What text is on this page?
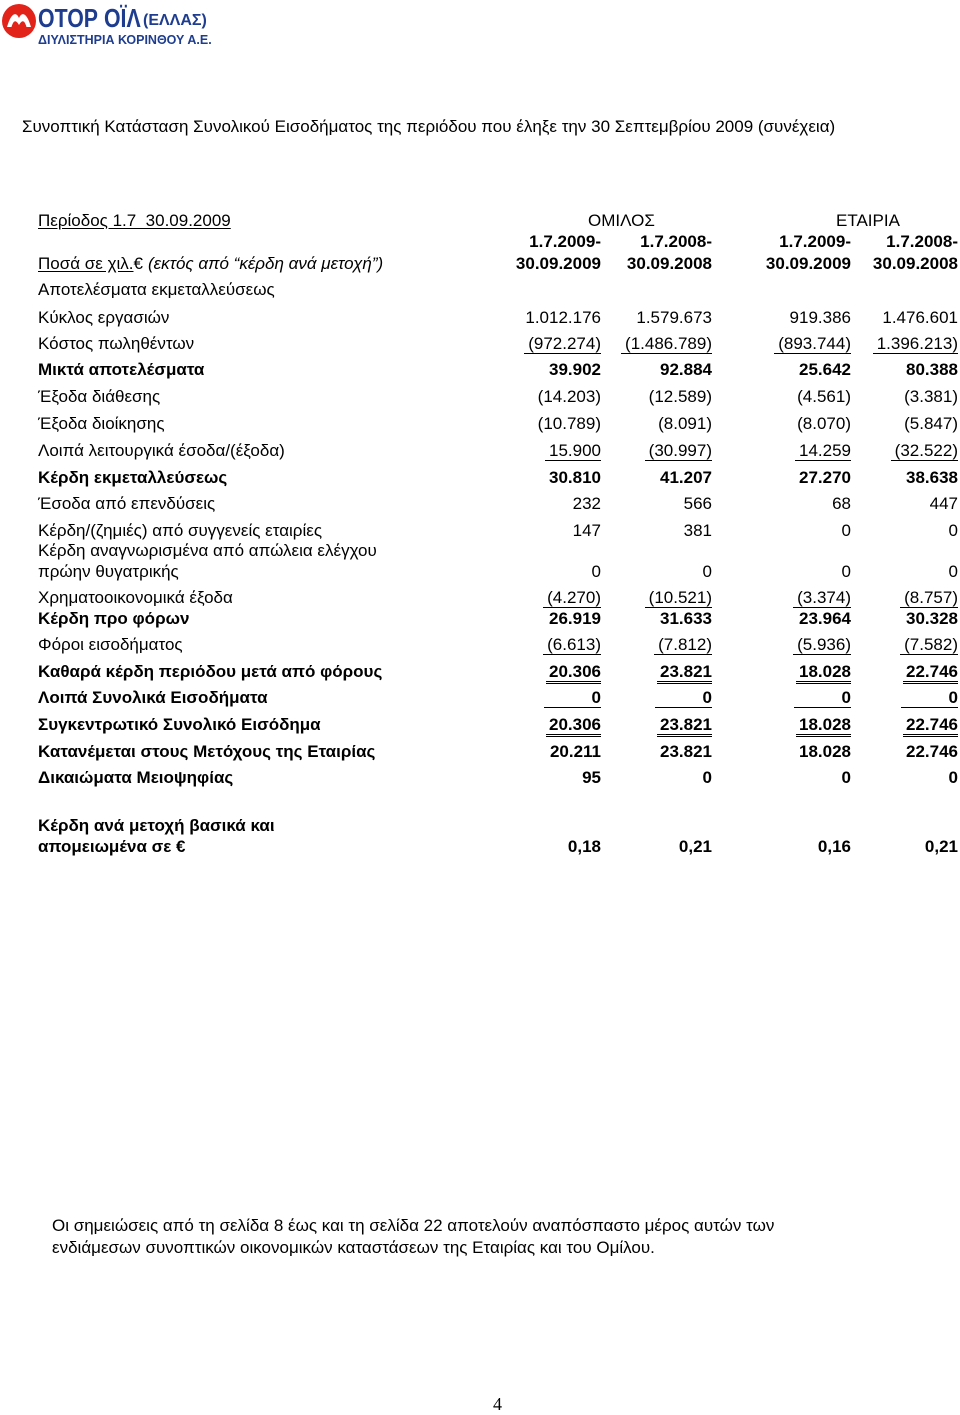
ΟΤΟΡ ΟΪΛ (ΕΛΛΑΣ)
ΔΙΥΛΙΣΤΗΡΙΑ ΚΟΡΙΝΘΟΥ Α.Ε.
Συνοπτική Κατάσταση Συνολικού Εισοδήματος της περιόδου που έληξε την 30 Σεπτεμβρίου 2009 (συνέχεια)
Περίοδος 1.7  30.09.2009	ΟΜΙΛΟΣ	ΕΤΑΙΡΙΑ
1.7.2009- 1.7.2008-	1.7.2009- 1.7.2008-
Ποσά σε χιλ.€ (εκτός από “κέρδη ανά μετοχή”)	30.09.2009 30.09.2008	30.09.2009 30.09.2008
Αποτελέσματα εκμεταλλεύσεως
Κύκλος εργασιών	1.012.176 1.579.673	919.386 1.476.601
Κόστος πωληθέντων	(972.274) (1.486.789)	(893.744) 1.396.213)
Μικτά αποτελέσματα	39.902	92.884	25.642	80.388
Έξοδα διάθεσης	(14.203)	(12.589)	(4.561)	(3.381)
Έξοδα διοίκησης	(10.789)	(8.091)	(8.070)	(5.847)
Λοιπά λειτουργικά έσοδα/(έξοδα)	15.900	(30.997)	14.259	(32.522)
Κέρδη εκμεταλλεύσεως	30.810	41.207	27.270	38.638
Έσοδα από επενδύσεις	232	566	68	447
Κέρδη/(ζημιές) από συγγενείς εταιρίες	147	381	0	0
Κέρδη αναγνωρισμένα από απώλεια ελέγχου
πρώην θυγατρικής	0	0	0	0
Χρηματοοικονομικά έξοδα	(4.270)	(10.521)	(3.374)	(8.757)
Κέρδη προ φόρων	26.919	31.633	23.964	30.328
Φόροι εισοδήματος	(6.613)	(7.812)	(5.936)	(7.582)
Καθαρά κέρδη περιόδου μετά από φόρους	20.306	23.821	18.028	22.746
Λοιπά Συνολικά Εισοδήματα	0	0	0	0
Συγκεντρωτικό Συνολικό Εισόδημα	20.306	23.821	18.028	22.746
Κατανέμεται στους Μετόχους της Εταιρίας	20.211	23.821	18.028	22.746
Δικαιώματα Μειοψηφίας	95	0	0	0
Κέρδη ανά μετοχή βασικά και
απομειωμένα σε €	0,18	0,21	0,16	0,21
Οι σημειώσεις από τη σελίδα 8 έως και τη σελίδα 22 αποτελούν αναπόσπαστο μέρος αυτών των
ενδιάμεσων συνοπτικών οικονομικών καταστάσεων της Εταιρίας και του Ομίλου.
4
